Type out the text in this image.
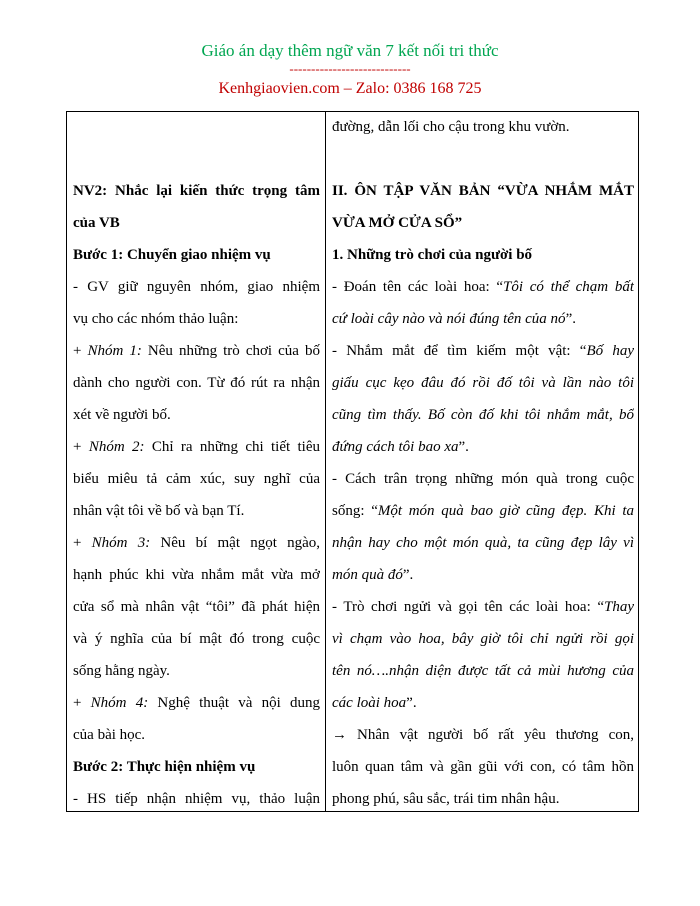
Giáo án dạy thêm ngữ văn 7 kết nối tri thức
----------------------------
Kenhgiaovien.com – Zalo: 0386 168 725
NV2: Nhắc lại kiến thức trọng tâm
của VB
Bước 1: Chuyển giao nhiệm vụ
- GV giữ nguyên nhóm, giao nhiệm
vụ cho các nhóm thảo luận:
+ Nhóm 1: Nêu những trò chơi của bố
dành cho người con. Từ đó rút ra nhận
xét về người bố.
+ Nhóm 2: Chỉ ra những chi tiết tiêu
biểu miêu tả cảm xúc, suy nghĩ của
nhân vật tôi về bố và bạn Tí.
+ Nhóm 3: Nêu bí mật ngọt ngào,
hạnh phúc khi vừa nhắm mắt vừa mở
cửa sổ mà nhân vật “tôi” đã phát hiện
và ý nghĩa của bí mật đó trong cuộc
sống hằng ngày.
+ Nhóm 4: Nghệ thuật và nội dung
của bài học.
Bước 2: Thực hiện nhiệm vụ
- HS tiếp nhận nhiệm vụ, thảo luận
đường, dẫn lối cho cậu trong khu vườn.
II. ÔN TẬP VĂN BẢN “VỪA NHẮM MẮT
VỪA MỞ CỬA SỔ”
1. Những trò chơi của người bố
- Đoán tên các loài hoa: “Tôi có thể chạm bất
cứ loài cây nào và nói đúng tên của nó”.
- Nhắm mắt để tìm kiếm một vật: “Bố hay
giấu cục kẹo đâu đó rồi đố tôi và lần nào tôi
cũng tìm thấy. Bố còn đố khi tôi nhắm mắt, bố
đứng cách tôi bao xa”.
- Cách trân trọng những món quà trong cuộc
sống: “Một món quà bao giờ cũng đẹp. Khi ta
nhận hay cho một món quà, ta cũng đẹp lây vì
món quà đó”.
- Trò chơi ngửi và gọi tên các loài hoa: “Thay
vì chạm vào hoa, bây giờ tôi chỉ ngửi rồi gọi
tên nó….nhận diện được tất cả mùi hương của
các loài hoa”.
→ Nhân vật người bố rất yêu thương con,
luôn quan tâm và gần gũi với con, có tâm hồn
phong phú, sâu sắc, trái tim nhân hậu.
